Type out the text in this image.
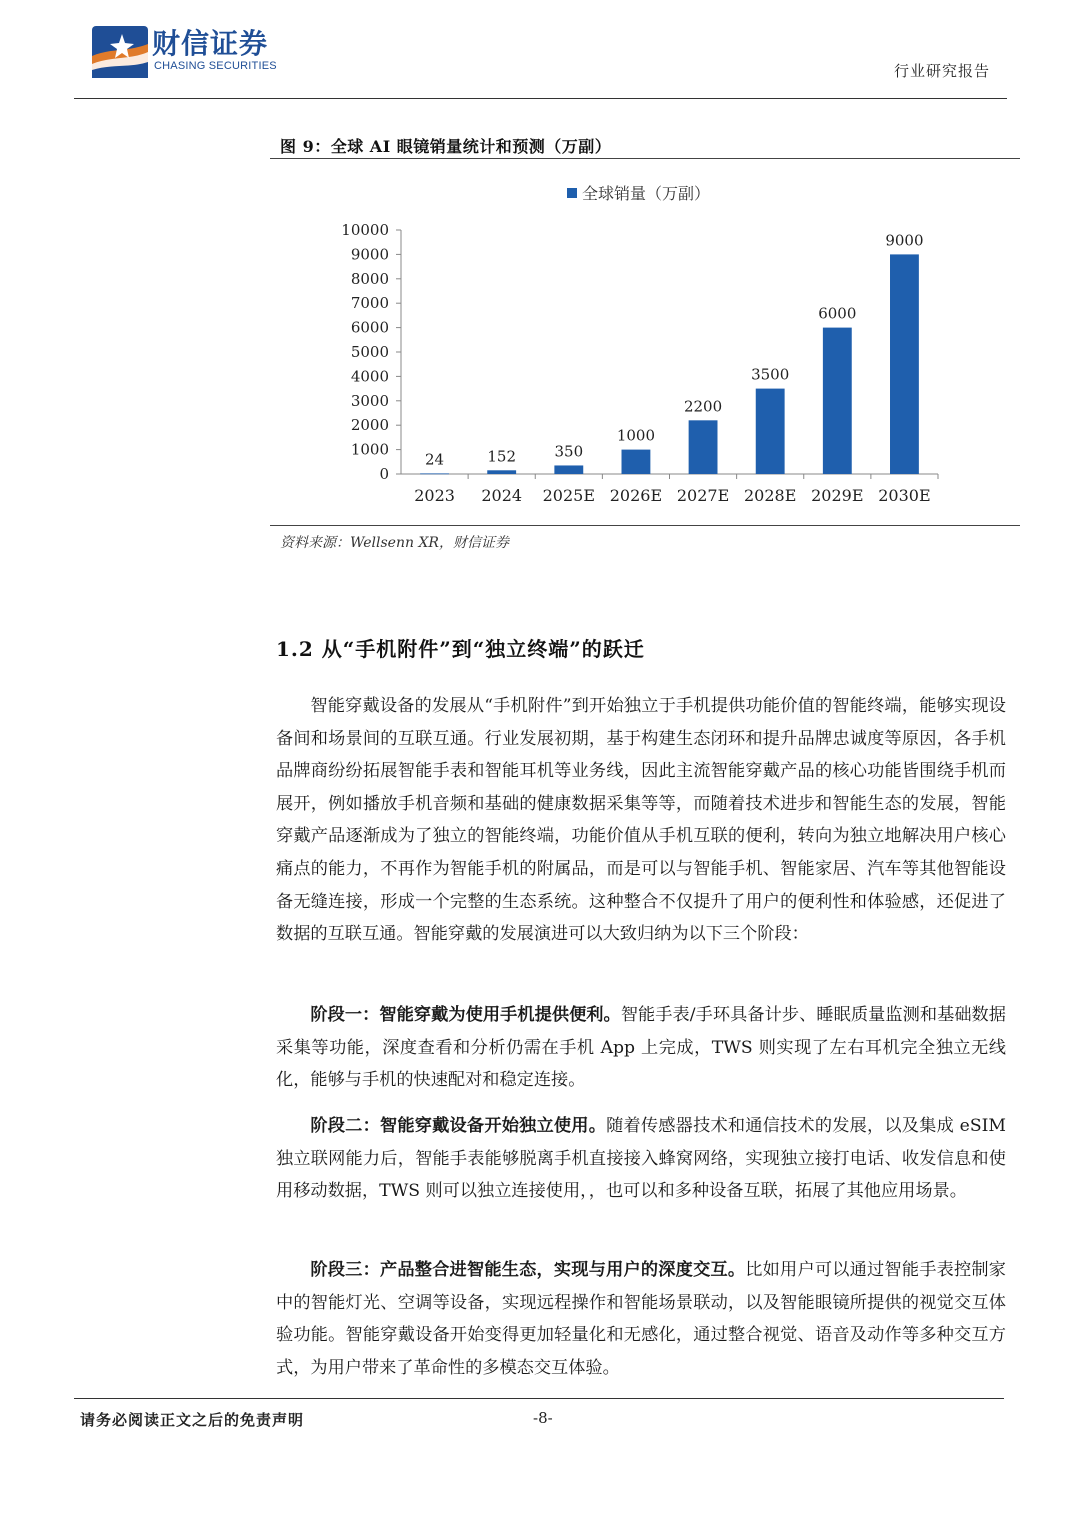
财信证券
CHASING SECURITIES	行业研究报告
图 9：全球 AI 眼镜销量统计和预测（万副）
全球销量（万副）
0
1000
2000
3000
4000
5000
6000
7000
8000
9000
10000
2023 2024 2025E 2026E 2027E 2028E 2029E 2030E
24	152	350
1000
2200
3500
6000
9000
资料来源：Wellsenn XR，财信证券
1.2 从“手机附件”到“独立终端”的跃迁

智能穿戴设备的发展从“手机附件”到开始独立于手机提供功能价值的智能终端，能够实现设备间和场景间的互联互通。行业发展初期，基于构建生态闭环和提升品牌忠诚度等原因，各手机品牌商纷纷拓展智能手表和智能耳机等业务线，因此主流智能穿戴产品的核心功能皆围绕手机而展开，例如播放手机音频和基础的健康数据采集等等，而随着技术进步和智能生态的发展，智能穿戴产品逐渐成为了独立的智能终端，功能价值从手机互联的便利，转向为独立地解决用户核心痛点的能力，不再作为智能手机的附属品，而是可以与智能手机、智能家居、汽车等其他智能设备无缝连接，形成一个完整的生态系统。这种整合不仅提升了用户的便利性和体验感，还促进了数据的互联互通。智能穿戴的发展演进可以大致归纳为以下三个阶段：

阶段一：智能穿戴为使用手机提供便利。智能手表/手环具备计步、睡眠质量监测和基础数据采集等功能，深度查看和分析仍需在手机 App 上完成，TWS 则实现了左右耳机完全独立无线化，能够与手机的快速配对和稳定连接。

阶段二：智能穿戴设备开始独立使用。随着传感器技术和通信技术的发展，以及集成 eSIM 独立联网能力后，智能手表能够脱离手机直接接入蜂窝网络，实现独立接打电话、收发信息和使用移动数据，TWS 则可以独立连接使用，，也可以和多种设备互联，拓展了其他应用场景。

阶段三：产品整合进智能生态，实现与用户的深度交互。比如用户可以通过智能手表控制家中的智能灯光、空调等设备，实现远程操作和智能场景联动，以及智能眼镜所提供的视觉交互体验功能。智能穿戴设备开始变得更加轻量化和无感化，通过整合视觉、语音及动作等多种交互方式，为用户带来了革命性的多模态交互体验。

请务必阅读正文之后的免责声明	-8-
